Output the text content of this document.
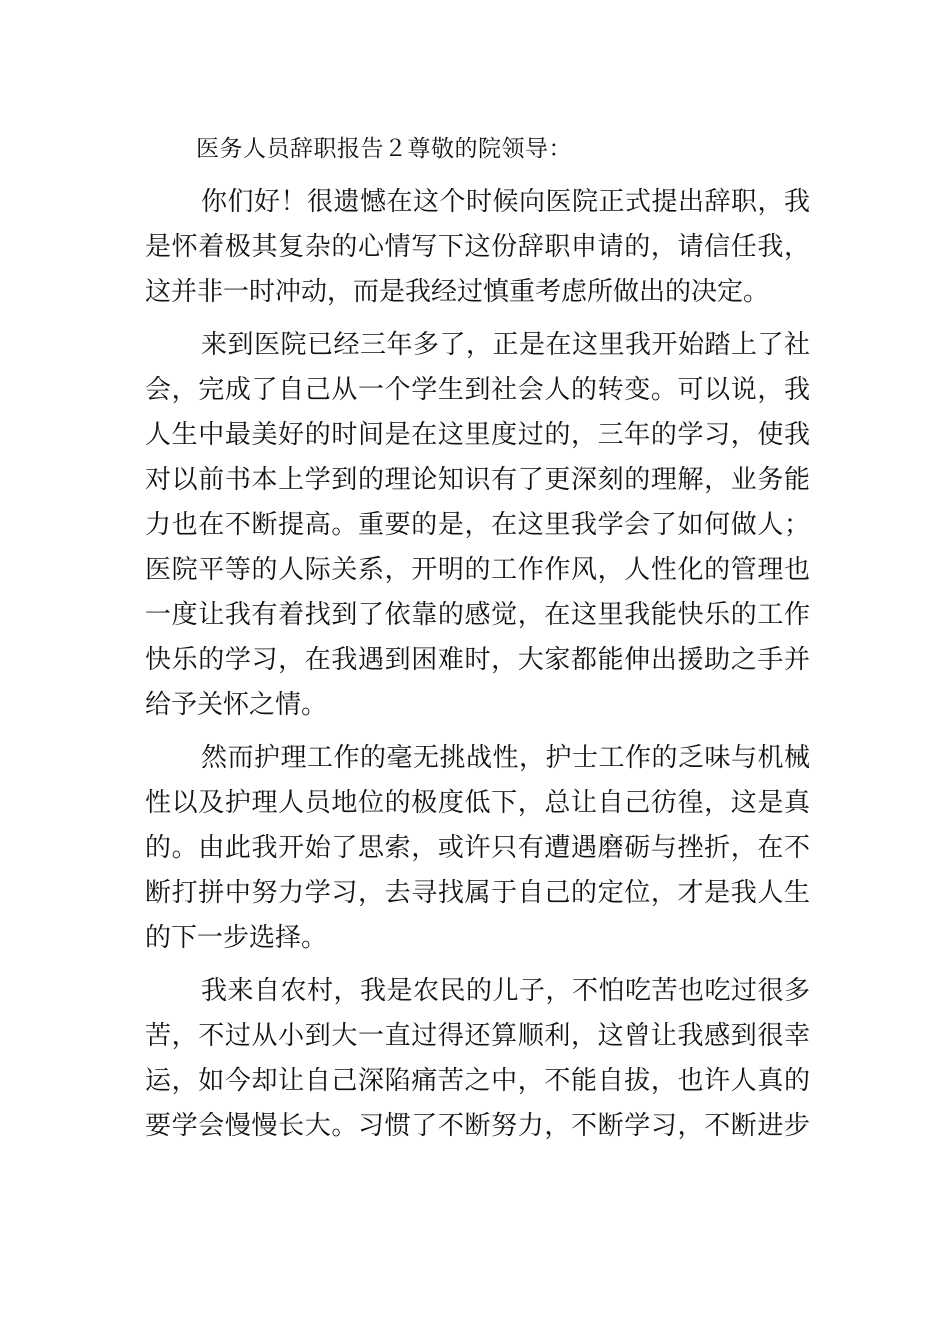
医务人员辞职报告２尊敬的院领导：
你们好！很遗憾在这个时候向医院正式提出辞职，我
是怀着极其复杂的心情写下这份辞职申请的，请信任我，
这并非一时冲动，而是我经过慎重考虑所做出的决定。
来到医院已经三年多了，正是在这里我开始踏上了社
会，完成了自己从一个学生到社会人的转变。可以说，我
人生中最美好的时间是在这里度过的，三年的学习，使我
对以前书本上学到的理论知识有了更深刻的理解，业务能
力也在不断提高。重要的是，在这里我学会了如何做人；
医院平等的人际关系，开明的工作作风，人性化的管理也
一度让我有着找到了依靠的感觉，在这里我能快乐的工作
快乐的学习，在我遇到困难时，大家都能伸出援助之手并
给予关怀之情。
然而护理工作的毫无挑战性，护士工作的乏味与机械
性以及护理人员地位的极度低下，总让自己彷徨，这是真
的。由此我开始了思索，或许只有遭遇磨砺与挫折，在不
断打拼中努力学习，去寻找属于自己的定位，才是我人生
的下一步选择。
我来自农村，我是农民的儿子，不怕吃苦也吃过很多
苦，不过从小到大一直过得还算顺利，这曾让我感到很幸
运，如今却让自己深陷痛苦之中，不能自拔，也许人真的
要学会慢慢长大。习惯了不断努力，不断学习，不断进步
